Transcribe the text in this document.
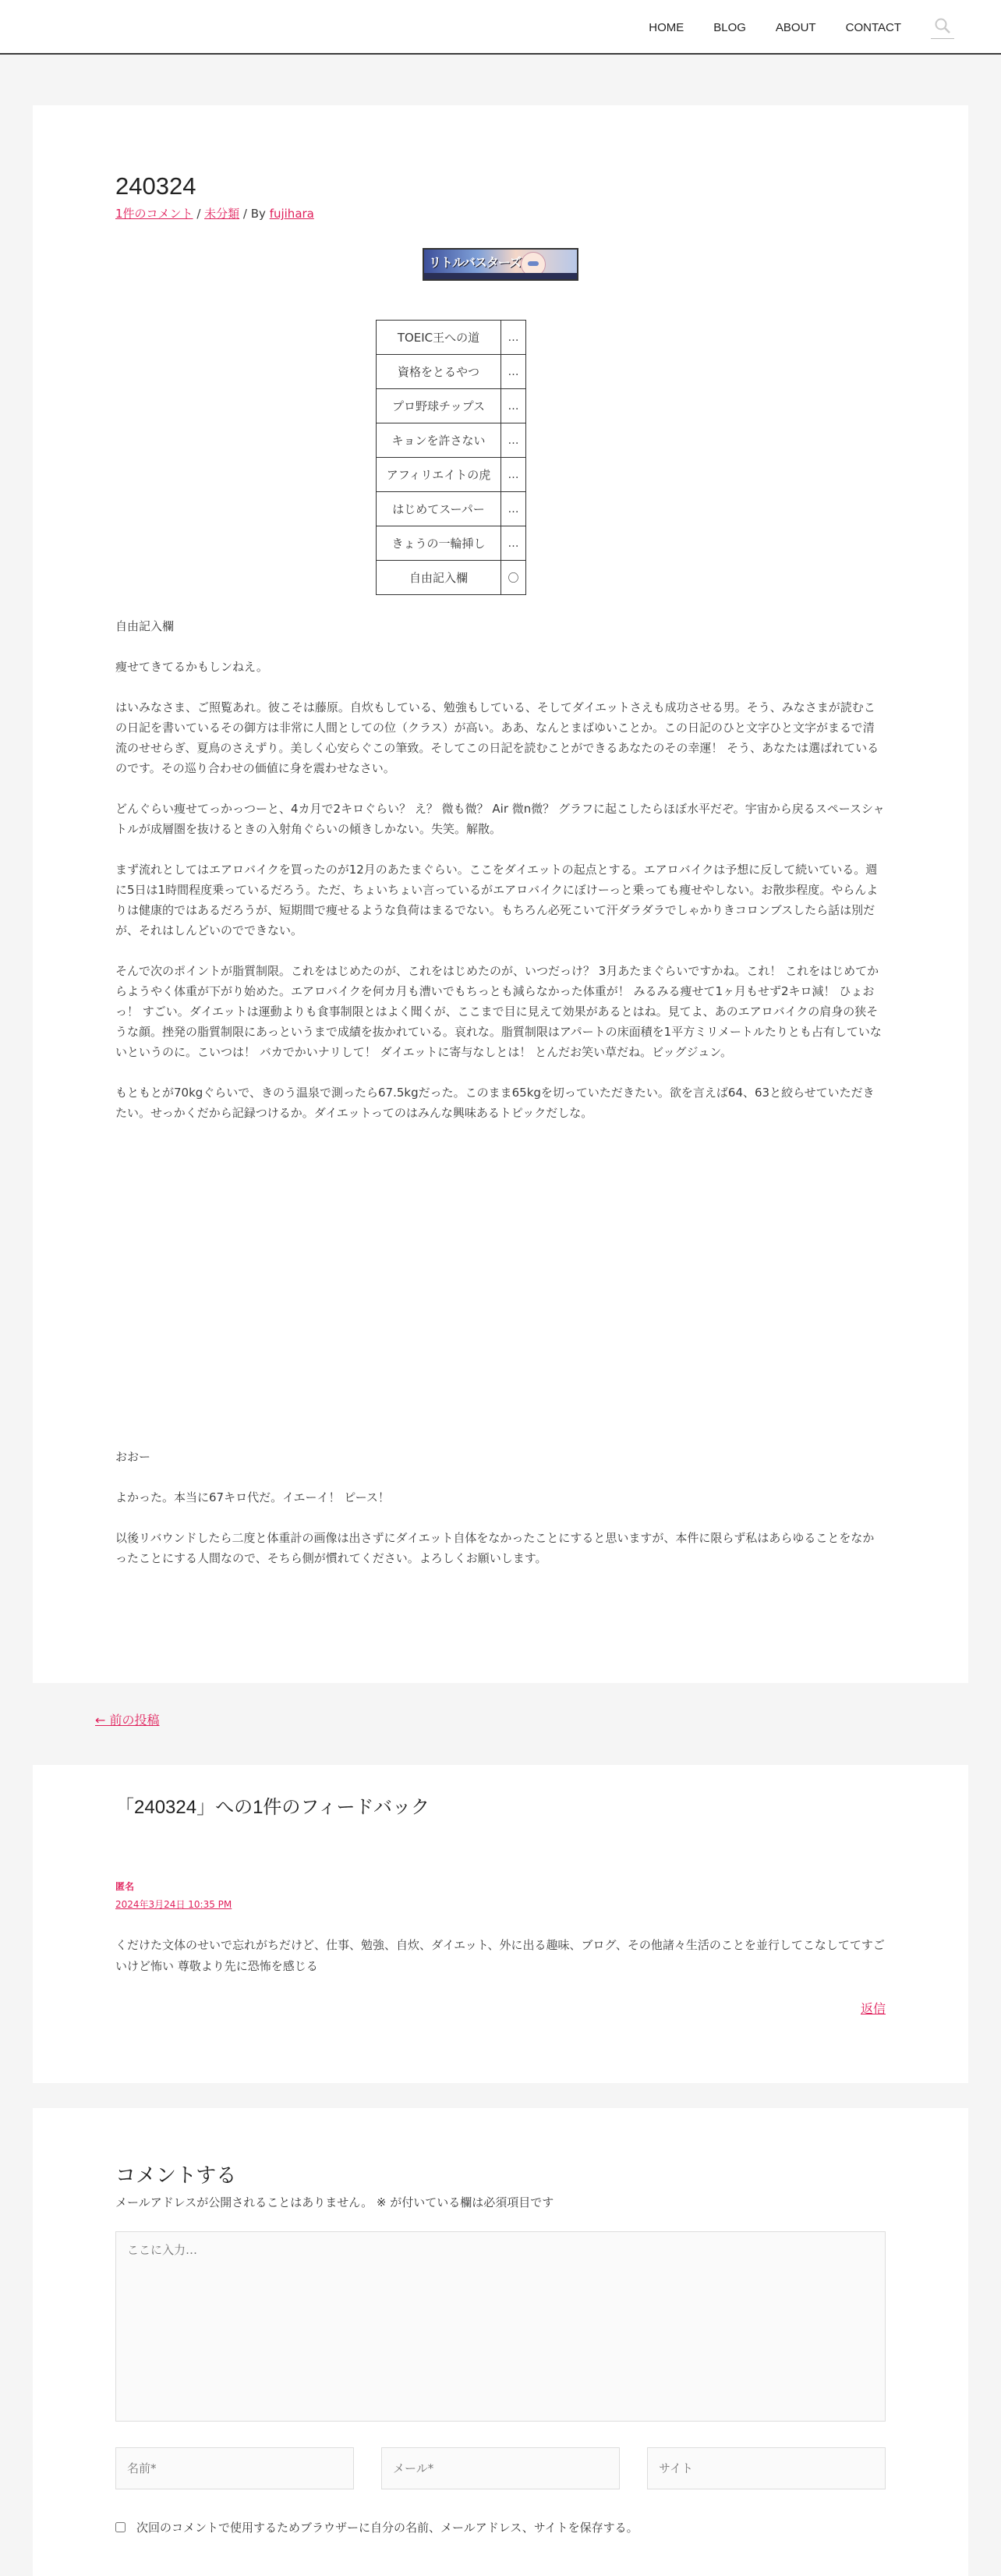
HOME	BLOG	ABOUT	CONTACT
240324
1件のコメント / 未分類 / By fujihara
リトルバスターズ
TOEIC王への道	…
資格をとるやつ	…
プロ野球チップス	…
キョンを許さない	…
アフィリエイトの虎	…
はじめてスーパー	…
きょうの一輪挿し	…
自由記入欄	〇

自由記入欄

痩せてきてるかもしンねえ。

はいみなさま、ご照覧あれ。彼こそは藤原。自炊もしている、勉強もしている、そしてダイエットさえも成功させる男。そう、みなさまが読むこの日記を書いているその御方は非常に人間としての位（クラス）が高い。ああ、なんとまばゆいことか。この日記のひと文字ひと文字がまるで清流のせせらぎ、夏鳥のさえずり。美しく心安らぐこの筆致。そしてこの日記を読むことができるあなたのその幸運！ そう、あなたは選ばれているのです。その巡り合わせの価値に身を震わせなさい。

どんぐらい痩せてっかっつーと、4カ月で2キロぐらい？ え？ 微も微？ Air 微n微？ グラフに起こしたらほぼ水平だぞ。宇宙から戻るスペースシャトルが成層圏を抜けるときの入射角ぐらいの傾きしかない。失笑。解散。

まず流れとしてはエアロバイクを買ったのが12月のあたまぐらい。ここをダイエットの起点とする。エアロバイクは予想に反して続いている。週に5日は1時間程度乗っているだろう。ただ、ちょいちょい言っているがエアロバイクにぼけーっと乗っても痩せやしない。お散歩程度。やらんよりは健康的ではあるだろうが、短期間で痩せるような負荷はまるでない。もちろん必死こいて汗ダラダラでしゃかりきコロンブスしたら話は別だが、それはしんどいのでできない。

そんで次のポイントが脂質制限。これをはじめたのが、これをはじめたのが、いつだっけ？ 3月あたまぐらいですかね。これ！ これをはじめてからようやく体重が下がり始めた。エアロバイクを何カ月も漕いでもちっとも減らなかった体重が！ みるみる痩せて1ヶ月もせず2キロ減！ ひょおっ！ すごい。ダイエットは運動よりも食事制限とはよく聞くが、ここまで目に見えて効果があるとはね。見てよ、あのエアロバイクの肩身の狭そうな顔。挫発の脂質制限にあっというまで成績を抜かれている。哀れな。脂質制限はアパートの床面積を1平方ミリメートルたりとも占有していないというのに。こいつは！ バカでかいナリして！ ダイエットに寄与なしとは！ とんだお笑い草だね。ビッグジュン。

もともとが70kgぐらいで、きのう温泉で測ったら67.5kgだった。このまま65kgを切っていただきたい。欲を言えば64、63と絞らせていただきたい。せっかくだから記録つけるか。ダイエットってのはみんな興味あるトピックだしな。

おおー

よかった。本当に67キロ代だ。イエーイ！ ピース！

以後リバウンドしたら二度と体重計の画像は出さずにダイエット自体をなかったことにすると思いますが、本件に限らず私はあらゆることをなかったことにする人間なので、そちら側が慣れてください。よろしくお願いします。

← 前の投稿
「240324」への1件のフィードバック
匿名
2024年3月24日 10:35 PM
くだけた文体のせいで忘れがちだけど、仕事、勉強、自炊、ダイエット、外に出る趣味、ブログ、その他諸々生活のことを並行してこなしててすごいけど怖い 尊敬より先に恐怖を感じる
返信
コメントする
メールアドレスが公開されることはありません。 ※ が付いている欄は必須項目です
ここに入力…
名前*
メール*
サイト
次回のコメントで使用するためブラウザーに自分の名前、メールアドレス、サイトを保存する。
